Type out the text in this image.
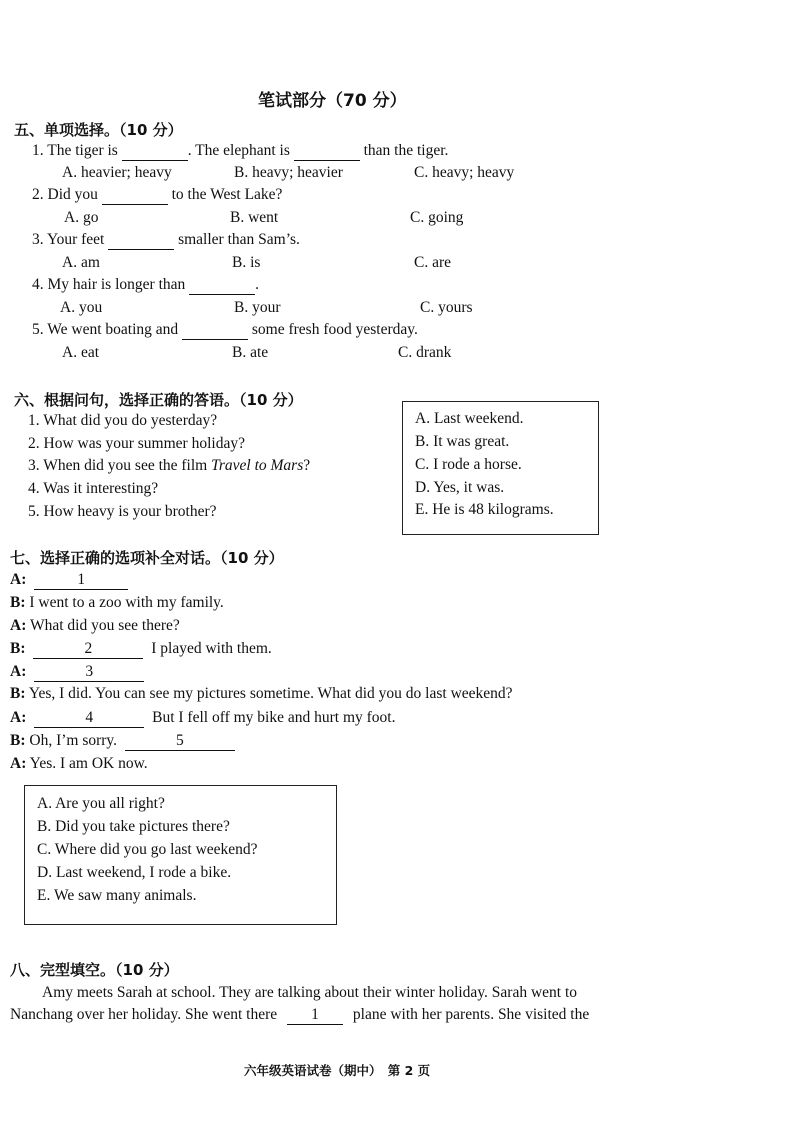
笔试部分（70 分）
五、单项选择。（10 分）
1. The tiger is	. The elephant is	than the tiger.
A. heavier; heavy	B. heavy; heavier	C. heavy; heavy
2. Did you	to the West Lake?
A. go	B. went	C. going
3. Your feet	smaller than Sam’s.
A. am	B. is	C. are
4. My hair is longer than	.
A. you	B. your	C. yours
5. We went boating and	some fresh food yesterday.
A. eat	B. ate	C. drank
六、根据问句，选择正确的答语。（10 分）
1. What did you do yesterday?
2. How was your summer holiday?
3. When did you see the film Travel to Mars?
4. Was it interesting?
5. How heavy is your brother?
A. Last weekend.
B. It was great.
C. I rode a horse.
D. Yes, it was.
E. He is 48 kilograms.
七、选择正确的选项补全对话。（10 分）
A:	1
B: I went to a zoo with my family.
A: What did you see there?
B:	2	I played with them.
A:	3
B: Yes, I did. You can see my pictures sometime. What did you do last weekend?
A:	4	But I fell off my bike and hurt my foot.
B: Oh, I’m sorry.	5
A: Yes. I am OK now.
A. Are you all right?
B. Did you take pictures there?
C. Where did you go last weekend?
D. Last weekend, I rode a bike.
E. We saw many animals.
八、完型填空。（10 分）
Amy meets Sarah at school. They are talking about their winter holiday. Sarah went to
Nanchang over her holiday. She went there 1 plane with her parents. She visited the
六年级英语试卷（期中）　第 2 页
